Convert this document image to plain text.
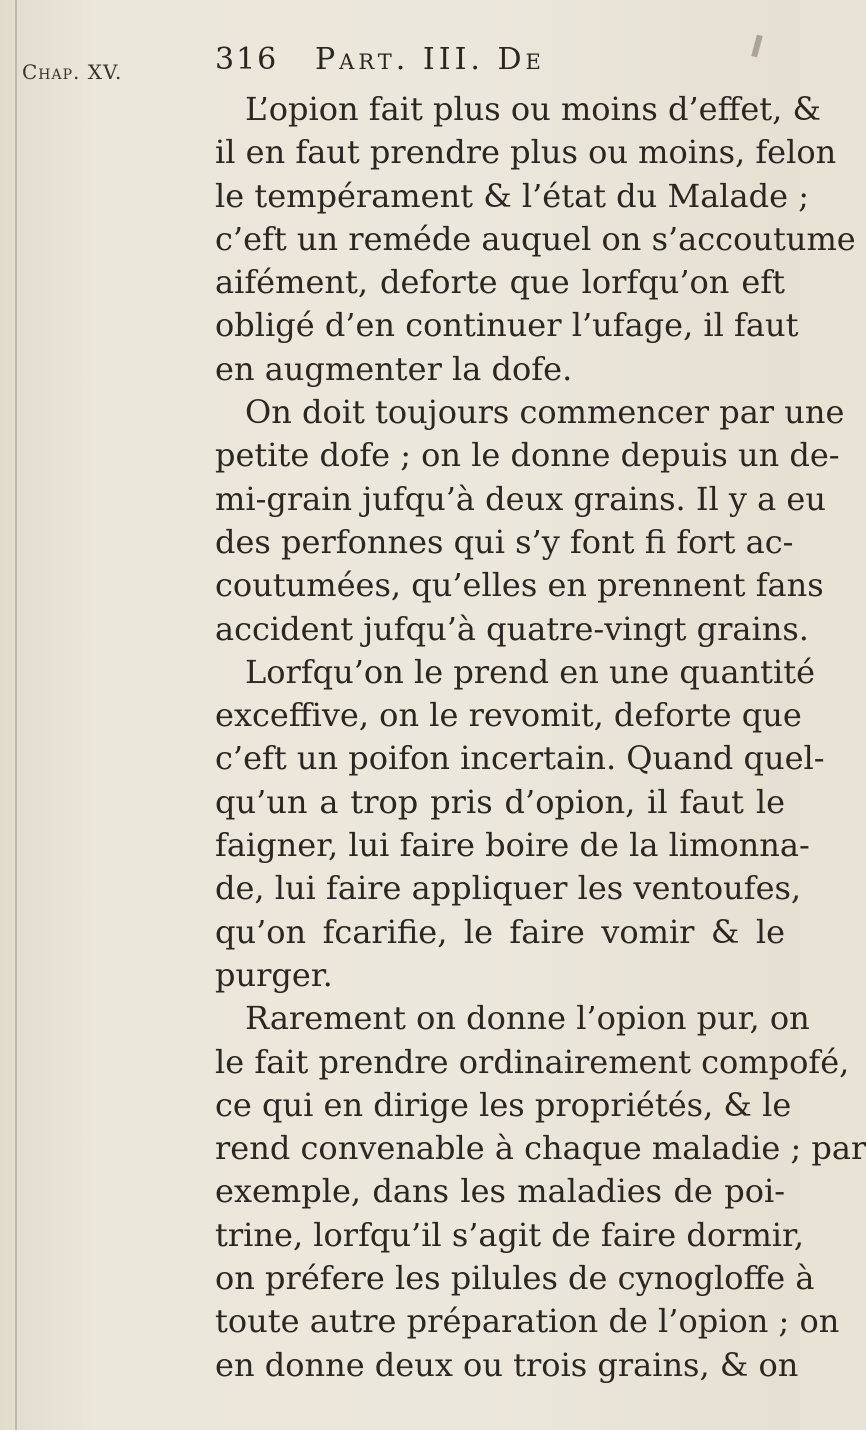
Chap. XV.	316 Part. III. De
L’opion fait plus ou moins d’effet, &
il en faut prendre plus ou moins, felon
le tempérament & l’état du Malade ;
c’eft un reméde auquel on s’accoutume
aifément, deforte que lorfqu’on eft
obligé d’en continuer l’ufage, il faut
en augmenter la dofe.
On doit toujours commencer par une
petite dofe ; on le donne depuis un de-
mi-grain jufqu’à deux grains. Il y a eu
des perfonnes qui s’y font fi fort ac-
coutumées, qu’elles en prennent fans
accident jufqu’à quatre-vingt grains.
Lorfqu’on le prend en une quantité
exceffive, on le revomit, deforte que
c’eft un poifon incertain. Quand quel-
qu’un a trop pris d’opion, il faut le
faigner, lui faire boire de la limonna-
de, lui faire appliquer les ventoufes,
qu’on fcarifie, le faire vomir & le
purger.
Rarement on donne l’opion pur, on
le fait prendre ordinairement compofé,
ce qui en dirige les propriétés, & le
rend convenable à chaque maladie ; par
exemple, dans les maladies de poi-
trine, lorfqu’il s’agit de faire dormir,
on préfere les pilules de cynogloffe à
toute autre préparation de l’opion ; on
en donne deux ou trois grains, & on
